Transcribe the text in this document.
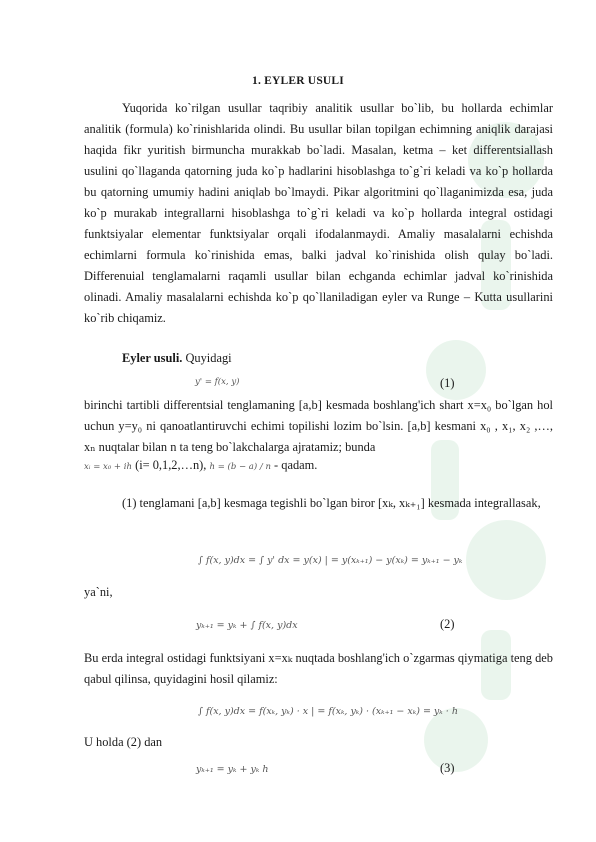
1. EYLER USULI
Yuqorida ko`rilgan usullar taqribiy analitik usullar bo`lib, bu hollarda echimlar analitik (formula) ko`rinishlarida olindi. Bu usullar bilan topilgan echimning aniqlik darajasi haqida fikr yuritish birmuncha murakkab bo`ladi. Masalan, ketma – ket differentsiallash usulini qo`llaganda qatorning juda ko`p hadlarini hisoblashga to`g`ri keladi va ko`p hollarda bu qatorning umumiy hadini aniqlab bo`lmaydi. Pikar algoritmini qo`llaganimizda esa, juda ko`p murakab integrallarni hisoblashga to`g`ri keladi va ko`p hollarda integral ostidagi funktsiyalar elementar funktsiyalar orqali ifodalanmaydi. Amaliy masalalarni echishda echimlarni formula ko`rinishida emas, balki jadval ko`rinishida olish qulay bo`ladi. Differenuial tenglamalarni raqamli usullar bilan echganda echimlar jadval ko`rinishida olinadi. Amaliy masalalarni echishda ko`p qo`llaniladigan eyler va Runge – Kutta usullarini ko`rib chiqamiz.
Eyler usuli. Quyidagi
y' = f(x, y)	(1)
birinchi tartibli differentsial tenglamaning [a,b] kesmada boshlang'ich shart x=x₀ bo`lgan hol uchun y=y₀ ni qanoatlantiruvchi echimi topilishi lozim bo`lsin. [a,b] kesmani x₀ , x₁, x₂ ,…, xₙ nuqtalar bilan n ta teng bo`lakchalarga ajratamiz; bunda
xᵢ = x₀ + ih (i= 0,1,2,…n), h = (b − a) / n - qadam.
(1) tenglamani [a,b] kesmaga tegishli bo`lgan biror [xₖ, xₖ₊₁] kesmada integrallasak,
∫ f(x, y)dx = ∫ y' dx = y(x) | = y(xₖ₊₁) − y(xₖ) = yₖ₊₁ − yₖ
ya`ni,
yₖ₊₁ = yₖ + ∫ f(x, y)dx	(2)
Bu erda integral ostidagi funktsiyani x=xₖ nuqtada boshlang'ich o`zgarmas qiymatiga teng deb qabul qilinsa, quyidagini hosil qilamiz:
∫ f(x, y)dx = f(xₖ, yₖ) · x | = f(xₖ, yₖ) · (xₖ₊₁ − xₖ) = yₖ · h
U holda (2) dan
yₖ₊₁ = yₖ + yₖ h	(3)
